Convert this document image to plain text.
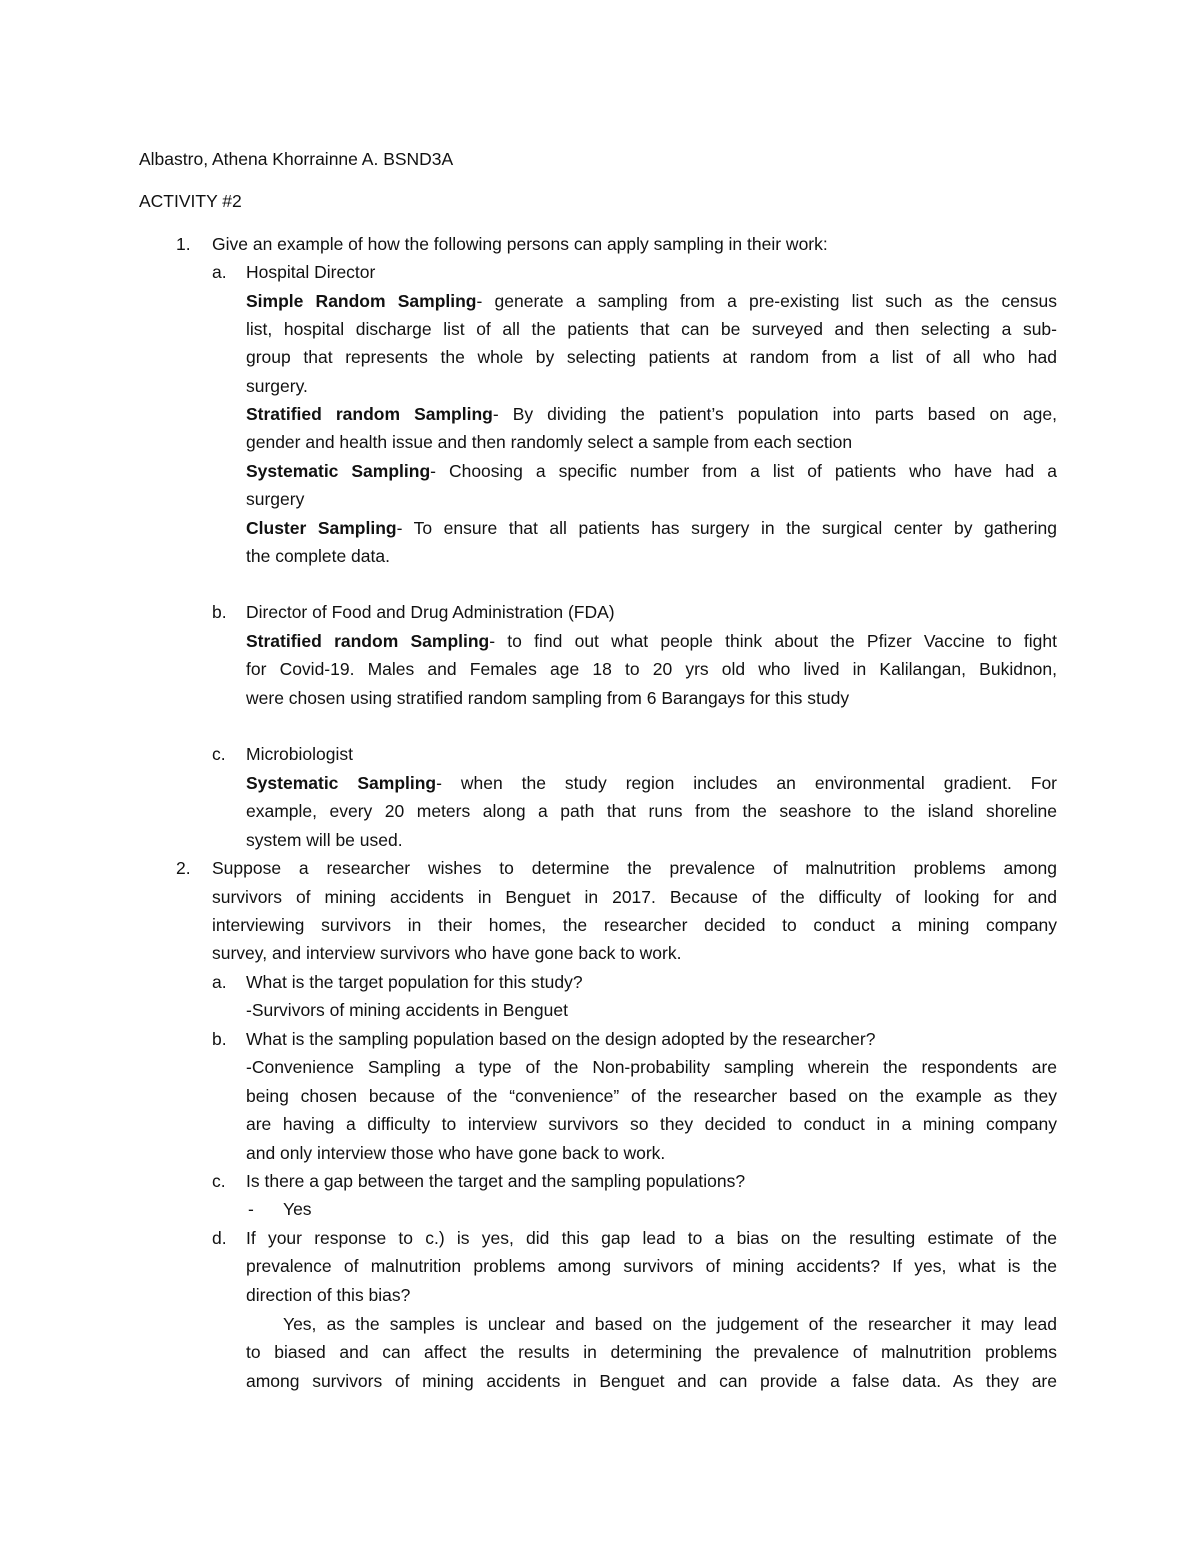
Albastro, Athena Khorrainne A. BSND3A

ACTIVITY #2

1. Give an example of how the following persons can apply sampling in their work:

a. Hospital Director

Simple Random Sampling- generate a sampling from a pre-existing list such as the census

list, hospital discharge list of all the patients that can be surveyed and then selecting a sub-

group that represents the whole by selecting patients at random from a list of all who had

surgery.

Stratified random Sampling- By dividing the patient’s population into parts based on age,

gender and health issue and then randomly select a sample from each section

Systematic Sampling- Choosing a specific number from a list of patients who have had a

surgery

Cluster Sampling- To ensure that all patients has surgery in the surgical center by gathering

the complete data.

b. Director of Food and Drug Administration (FDA)

Stratified random Sampling- to find out what people think about the Pfizer Vaccine to fight

for Covid-19. Males and Females age 18 to 20 yrs old who lived in Kalilangan, Bukidnon,

were chosen using stratified random sampling from 6 Barangays for this study

c. Microbiologist

Systematic Sampling- when the study region includes an environmental gradient. For

example, every 20 meters along a path that runs from the seashore to the island shoreline

system will be used.

2. Suppose a researcher wishes to determine the prevalence of malnutrition problems among

survivors of mining accidents in Benguet in 2017. Because of the difficulty of looking for and

interviewing survivors in their homes, the researcher decided to conduct a mining company

survey, and interview survivors who have gone back to work.

a. What is the target population for this study?

-Survivors of mining accidents in Benguet

b. What is the sampling population based on the design adopted by the researcher?

-Convenience Sampling a type of the Non-probability sampling wherein the respondents are

being chosen because of the “convenience” of the researcher based on the example as they

are having a difficulty to interview survivors so they decided to conduct in a mining company

and only interview those who have gone back to work.

c. Is there a gap between the target and the sampling populations?

- Yes

d. If your response to c.) is yes, did this gap lead to a bias on the resulting estimate of the

prevalence of malnutrition problems among survivors of mining accidents? If yes, what is the

direction of this bias?

Yes, as the samples is unclear and based on the judgement of the researcher it may lead

to biased and can affect the results in determining the prevalence of malnutrition problems

among survivors of mining accidents in Benguet and can provide a false data. As they are
